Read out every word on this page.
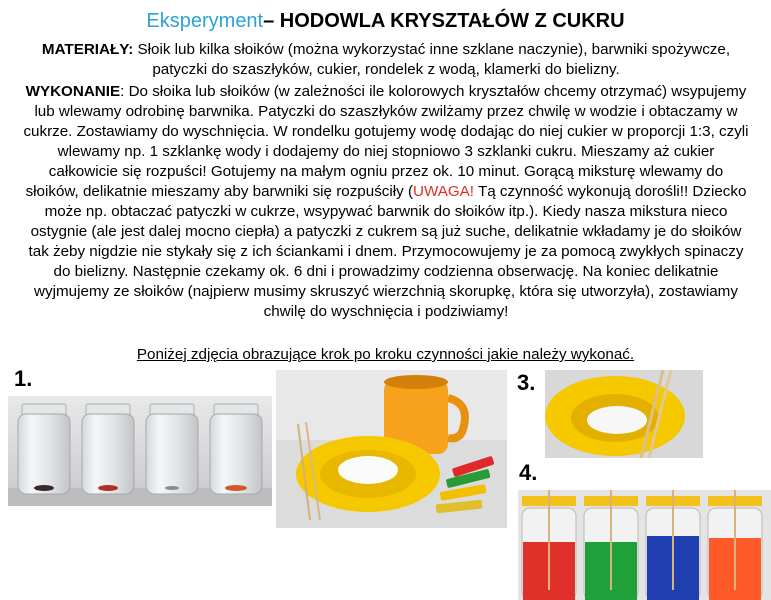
Eksperyment– HODOWLA KRYSZTAŁÓW Z CUKRU
MATERIAŁY: Słoik lub kilka słoików (można wykorzystać inne szklane naczynie), barwniki spożywcze, patyczki do szaszłyków, cukier, rondelek z wodą, klamerki do bielizny.
WYKONANIE: Do słoika lub słoików (w zależności ile kolorowych kryształów chcemy otrzymać) wsypujemy lub wlewamy odrobinę barwnika. Patyczki do szaszłyków zwilżamy przez chwilę w wodzie i obtaczamy w cukrze. Zostawiamy do wyschnięcia. W rondelku gotujemy wodę dodając do niej cukier w proporcji 1:3, czyli wlewamy np. 1 szklankę wody i dodajemy do niej stopniowo 3 szklanki cukru. Mieszamy aż cukier całkowicie się rozpuści! Gotujemy na małym ogniu przez ok. 10 minut. Gorącą miksturę wlewamy do słoików, delikatnie mieszamy aby barwniki się rozpuściły (UWAGA! Tą czynność wykonują dorośli!! Dziecko może np. obtaczać patyczki w cukrze, wsypywać barwnik do słoików itp.). Kiedy nasza mikstura nieco ostygnie (ale jest dalej mocno ciepła) a patyczki z cukrem są już suche, delikatnie wkładamy je do słoików tak żeby nigdzie nie stykały się z ich ściankami i dnem. Przymocowujemy je za pomocą zwykłych spinaczy do bielizny. Następnie czekamy ok. 6 dni i prowadzimy codzienna obserwację. Na koniec delikatnie wyjmujemy ze słoików (najpierw musimy skruszyć wierzchnią skorupkę, która się utworzyła), zostawiamy chwilę do wyschnięcia i podziwiamy!
Poniżej zdjęcia obrazujące krok po kroku czynności jakie należy wykonać.
1.	3.
4.
